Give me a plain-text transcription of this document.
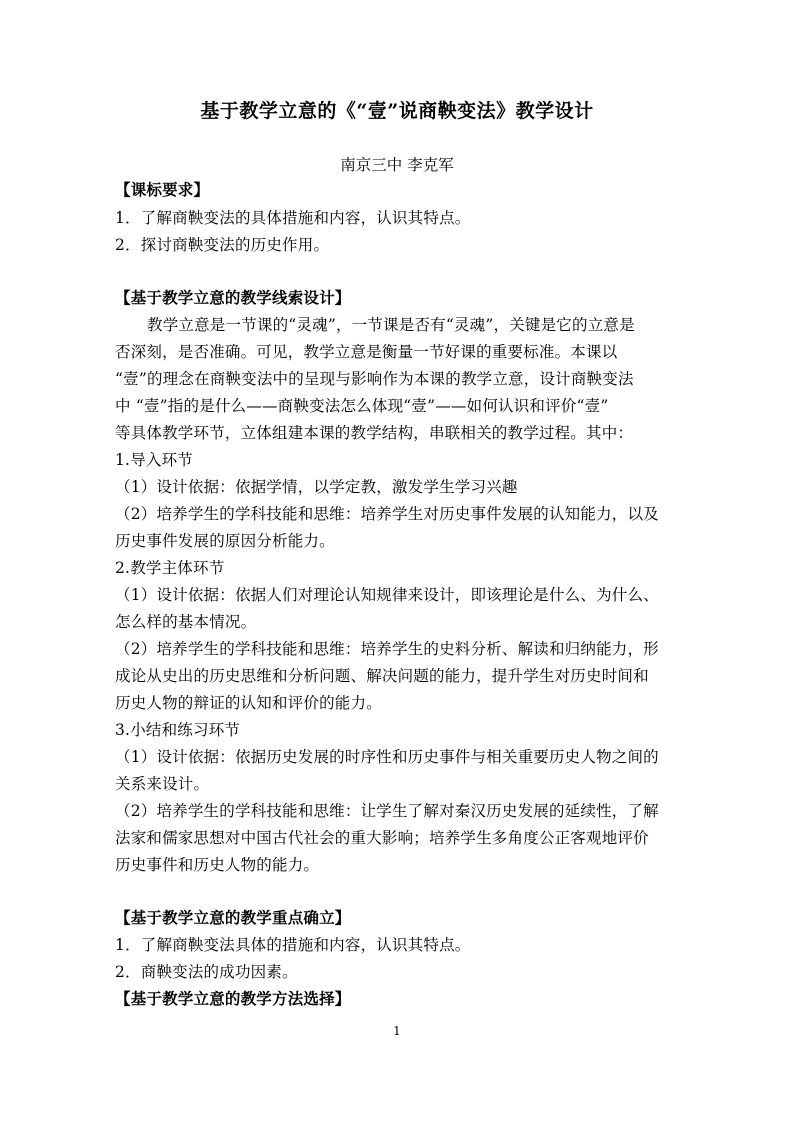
基于教学立意的《“壹”说商鞅变法》教学设计
南京三中 李克军
【课标要求】
1．了解商鞅变法的具体措施和内容，认识其特点。
2．探讨商鞅变法的历史作用。
【基于教学立意的教学线索设计】
教学立意是一节课的“灵魂”，一节课是否有“灵魂”，关键是它的立意是
否深刻，是否准确。可见，教学立意是衡量一节好课的重要标准。本课以
“壹”的理念在商鞅变法中的呈现与影响作为本课的教学立意，设计商鞅变法
中 “壹”指的是什么——商鞅变法怎么体现“壹”——如何认识和评价“壹”
等具体教学环节，立体组建本课的教学结构，串联相关的教学过程。其中：
1.导入环节
（1）设计依据：依据学情，以学定教，激发学生学习兴趣
（2）培养学生的学科技能和思维：培养学生对历史事件发展的认知能力，以及
历史事件发展的原因分析能力。
2.教学主体环节
（1）设计依据：依据人们对理论认知规律来设计，即该理论是什么、为什么、
怎么样的基本情况。
（2）培养学生的学科技能和思维：培养学生的史料分析、解读和归纳能力，形
成论从史出的历史思维和分析问题、解决问题的能力，提升学生对历史时间和
历史人物的辩证的认知和评价的能力。
3.小结和练习环节
（1）设计依据：依据历史发展的时序性和历史事件与相关重要历史人物之间的
关系来设计。
（2）培养学生的学科技能和思维：让学生了解对秦汉历史发展的延续性，了解
法家和儒家思想对中国古代社会的重大影响；培养学生多角度公正客观地评价
历史事件和历史人物的能力。
【基于教学立意的教学重点确立】
1．了解商鞅变法具体的措施和内容，认识其特点。
2．商鞅变法的成功因素。
【基于教学立意的教学方法选择】
1
